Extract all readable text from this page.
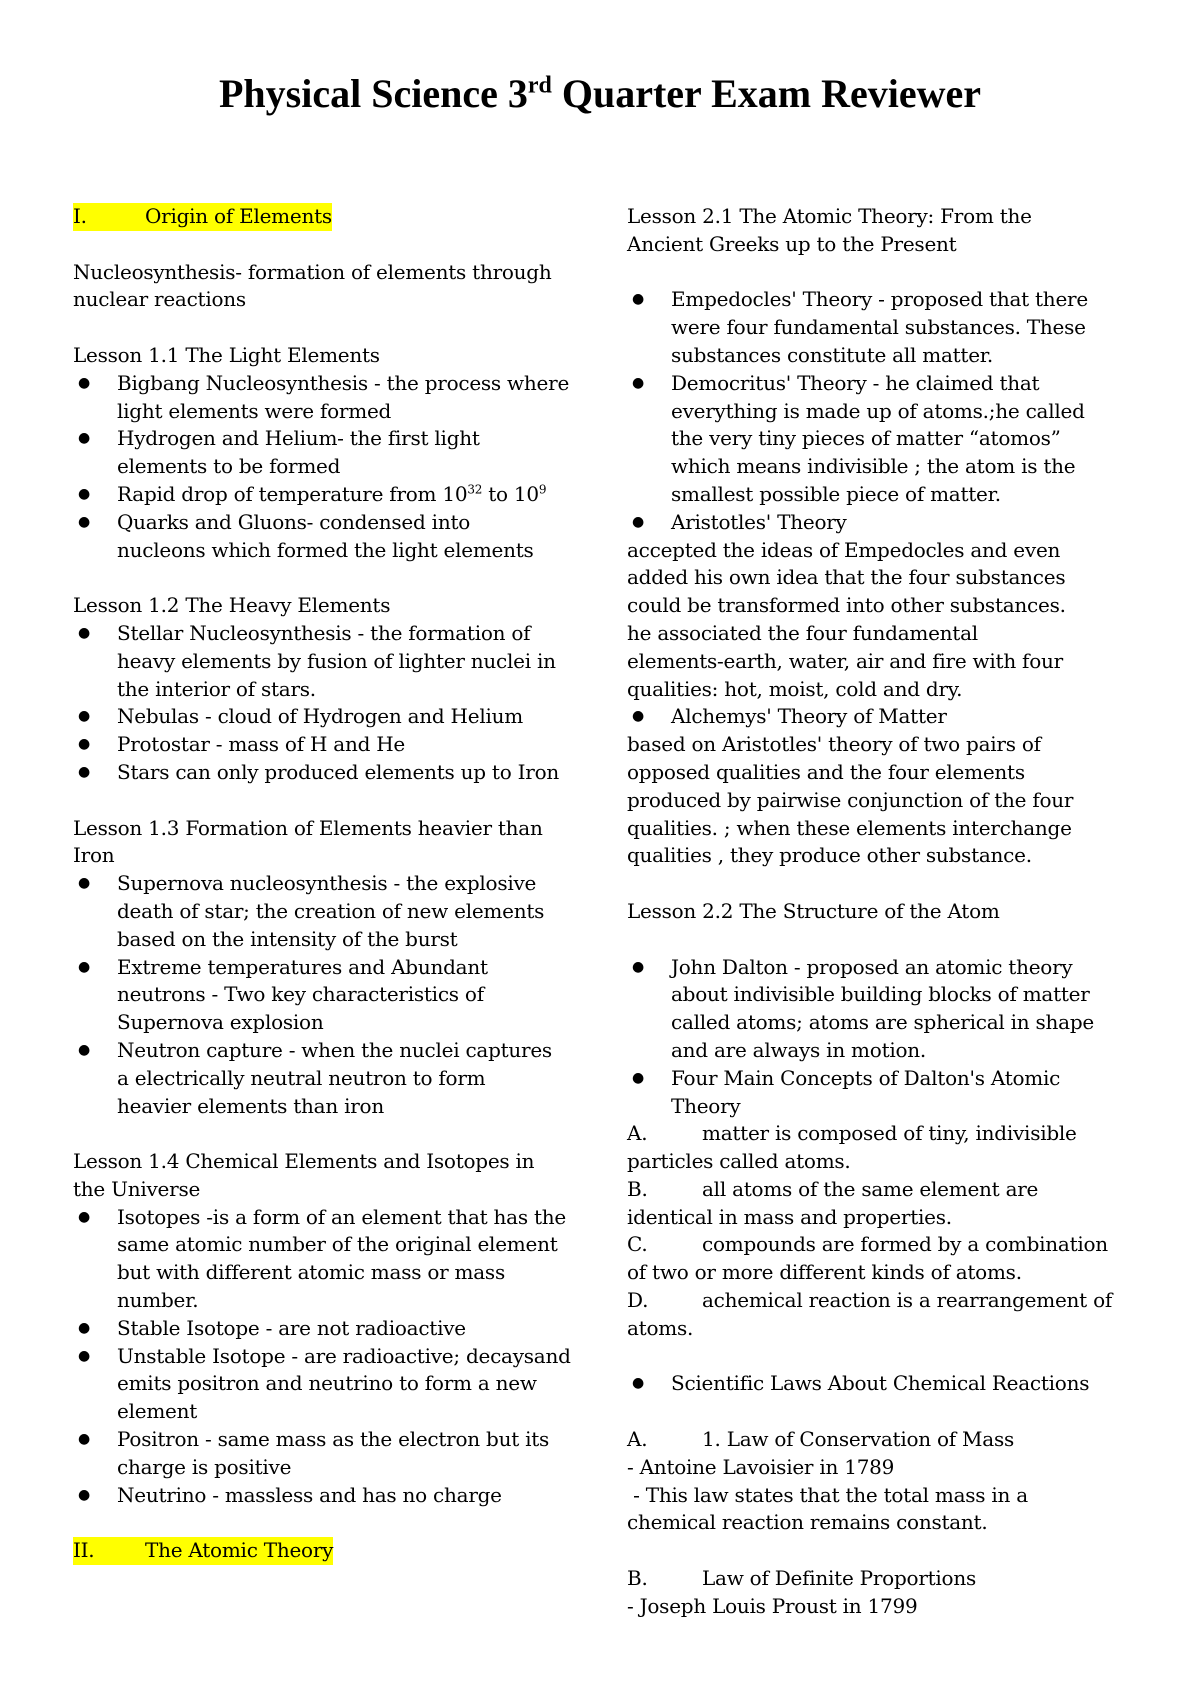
Physical Science 3rd Quarter Exam Reviewer
I.	Origin of Elements
Nucleosynthesis- formation of elements through
nuclear reactions
Lesson 1.1 The Light Elements
● Bigbang Nucleosynthesis - the process where
light elements were formed
● Hydrogen and Helium- the first light
elements to be formed
● Rapid drop of temperature from $10^{32}$ to $10^9$
● Quarks and Gluons- condensed into
nucleons which formed the light elements
Lesson 1.2 The Heavy Elements
● Stellar Nucleosynthesis - the formation of
heavy elements by fusion of lighter nuclei in
the interior of stars.
● Nebulas - cloud of Hydrogen and Helium
● Protostar - mass of H and He
● Stars can only produced elements up to Iron
Lesson 1.3 Formation of Elements heavier than
Iron
● Supernova nucleosynthesis - the explosive
death of star; the creation of new elements
based on the intensity of the burst
● Extreme temperatures and Abundant
neutrons - Two key characteristics of
Supernova explosion
● Neutron capture - when the nuclei captures
a electrically neutral neutron to form
heavier elements than iron
Lesson 1.4 Chemical Elements and Isotopes in
the Universe
● Isotopes -is a form of an element that has the
same atomic number of the original element
but with different atomic mass or mass
number.
● Stable Isotope - are not radioactive
● Unstable Isotope - are radioactive; decaysand
emits positron and neutrino to form a new
element
● Positron - same mass as the electron but its
charge is positive
● Neutrino - massless and has no charge
II.	The Atomic Theory
Lesson 2.1 The Atomic Theory: From the
Ancient Greeks up to the Present
● Empedocles' Theory - proposed that there
were four fundamental substances. These
substances constitute all matter.
● Democritus' Theory - he claimed that
everything is made up of atoms.;he called
the very tiny pieces of matter “atomos”
which means indivisible ; the atom is the
smallest possible piece of matter.
● Aristotles' Theory
accepted the ideas of Empedocles and even
added his own idea that the four substances
could be transformed into other substances.
he associated the four fundamental
elements-earth, water, air and fire with four
qualities: hot, moist, cold and dry.
● Alchemys' Theory of Matter
based on Aristotles' theory of two pairs of
opposed qualities and the four elements
produced by pairwise conjunction of the four
qualities. ; when these elements interchange
qualities , they produce other substance.
Lesson 2.2 The Structure of the Atom
● John Dalton - proposed an atomic theory
about indivisible building blocks of matter
called atoms; atoms are spherical in shape
and are always in motion.
● Four Main Concepts of Dalton's Atomic
Theory
A.	matter is composed of tiny, indivisible
particles called atoms.
B.	all atoms of the same element are
identical in mass and properties.
C.	compounds are formed by a combination
of two or more different kinds of atoms.
D.	achemical reaction is a rearrangement of
atoms.
● Scientific Laws About Chemical Reactions
A.	1. Law of Conservation of Mass
- Antoine Lavoisier in 1789
- This law states that the total mass in a
chemical reaction remains constant.
B.	Law of Definite Proportions
- Joseph Louis Proust in 1799
